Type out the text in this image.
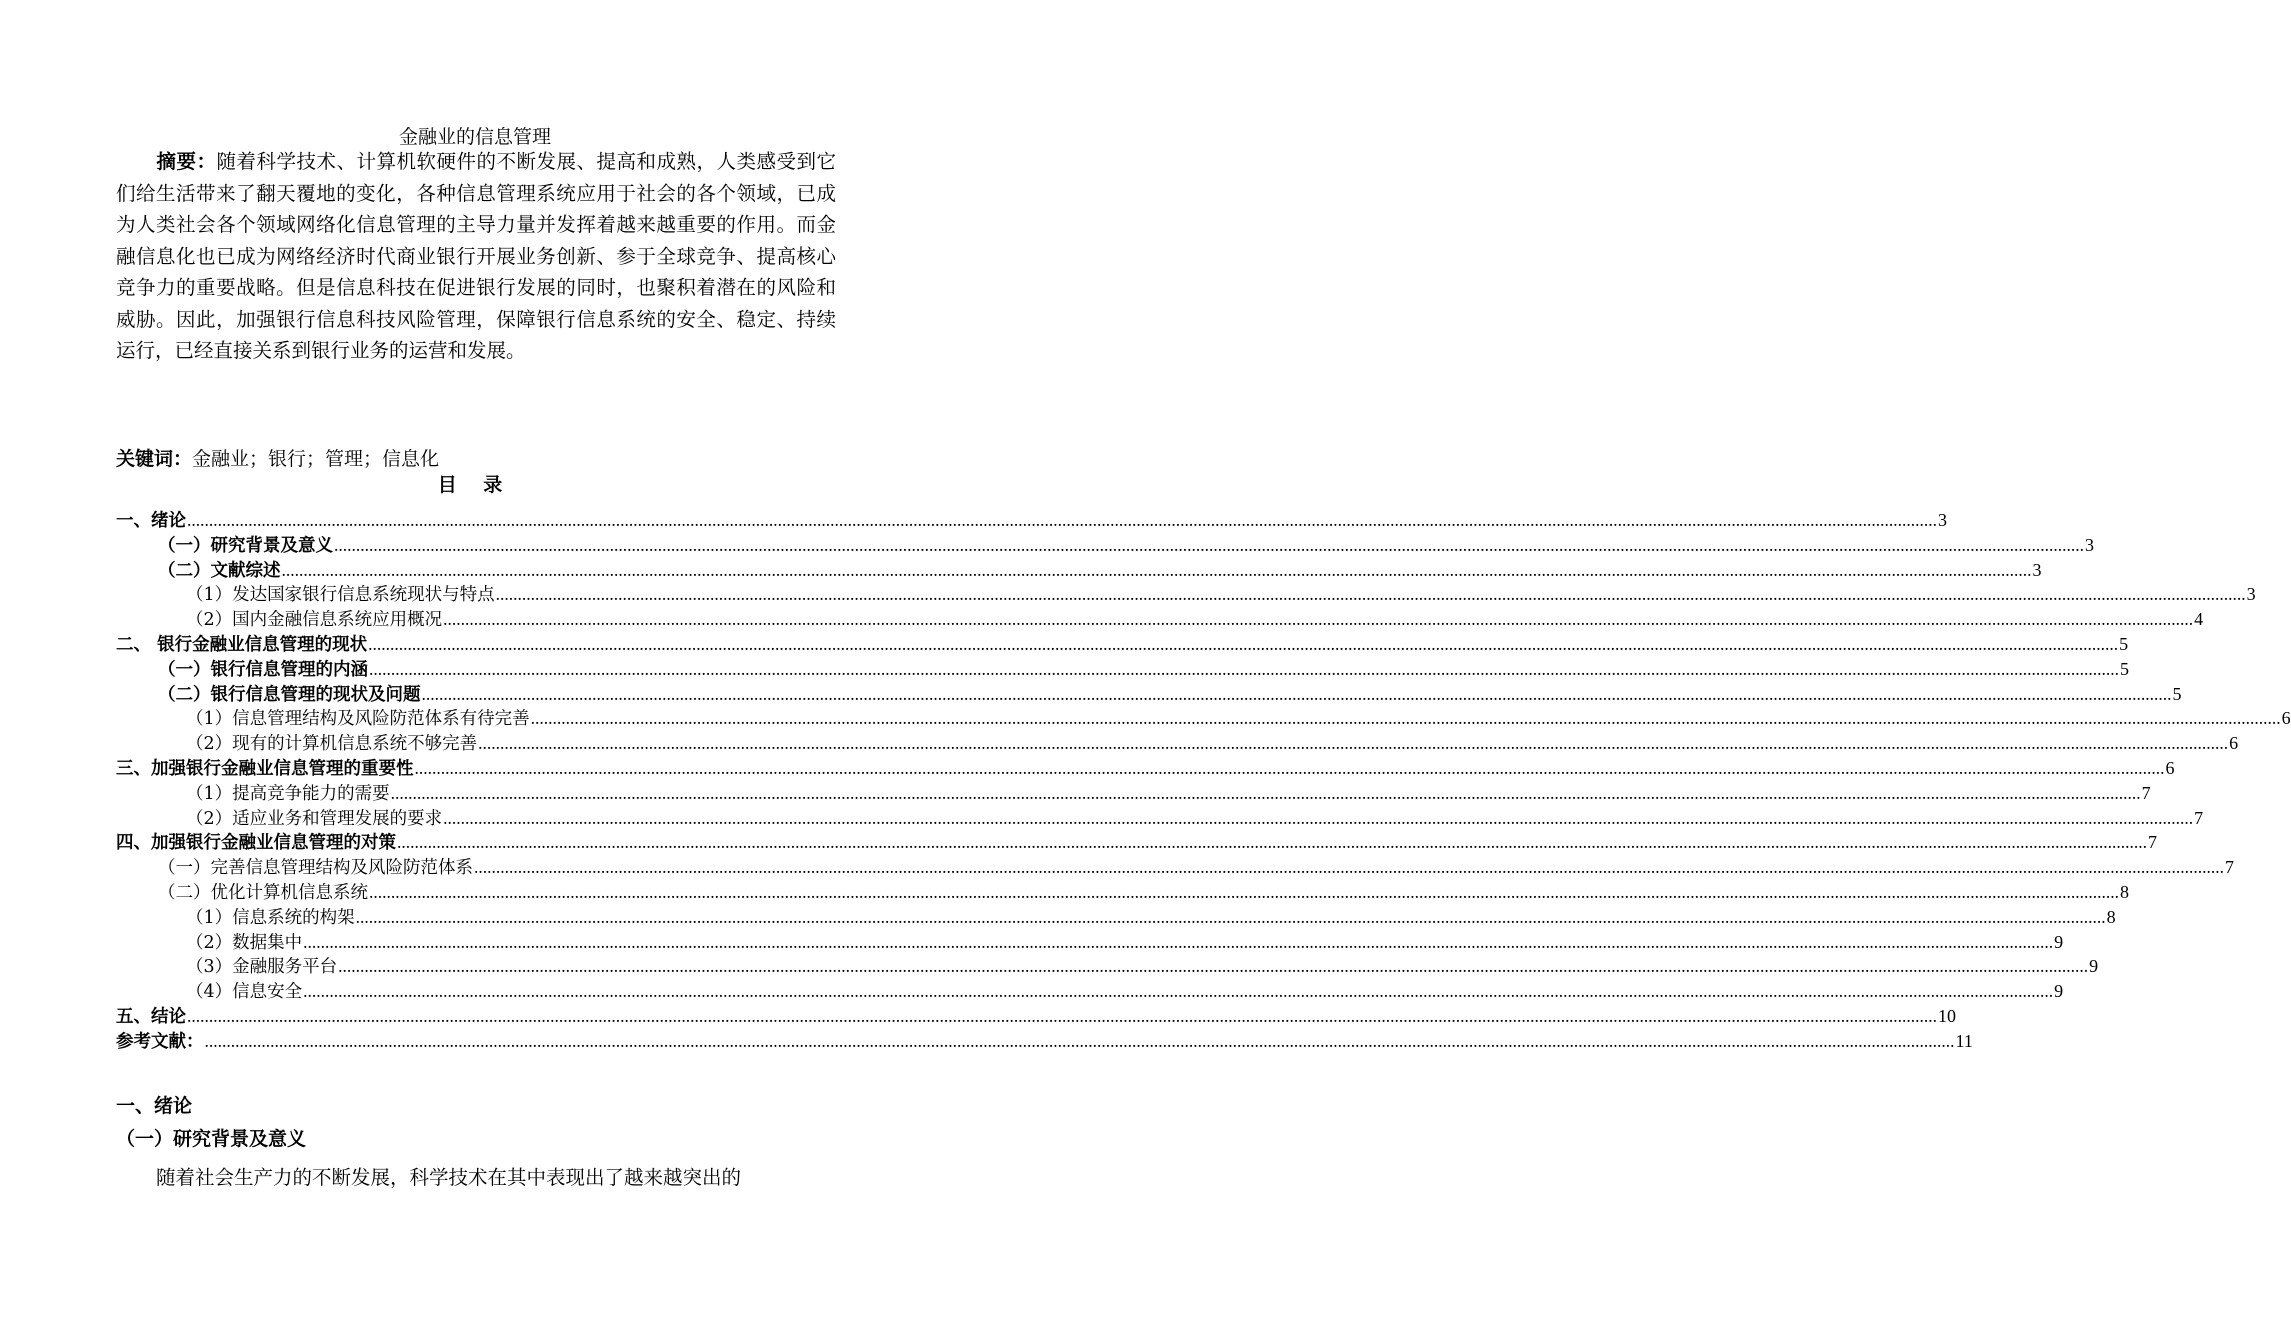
金融业的信息管理
摘要：随着科学技术、计算机软硬件的不断发展、提高和成熟，人类感受到它们给生活带来了翻天覆地的变化，各种信息管理系统应用于社会的各个领域，已成为人类社会各个领域网络化信息管理的主导力量并发挥着越来越重要的作用。而金融信息化也已成为网络经济时代商业银行开展业务创新、参于全球竞争、提高核心竞争力的重要战略。但是信息科技在促进银行发展的同时，也聚积着潜在的风险和威胁。因此，加强银行信息科技风险管理，保障银行信息系统的安全、稳定、持续运行，已经直接关系到银行业务的运营和发展。
关键词：金融业；银行；管理；信息化
目 录
一、绪论 ................................................................................................................................................................................................................................................................................................................................................................................................................ 3
（一）研究背景及意义 ................................................................................................................................................................................................................................................................................................................................................................................................................ 3
（二）文献综述 ................................................................................................................................................................................................................................................................................................................................................................................................................ 3
（1）发达国家银行信息系统现状与特点 ................................................................................................................................................................................................................................................................................................................................................................................................................ 3
（2）国内金融信息系统应用概况 ................................................................................................................................................................................................................................................................................................................................................................................................................ 4
二、 银行金融业信息管理的现状 ................................................................................................................................................................................................................................................................................................................................................................................................................ 5
（一）银行信息管理的内涵 ................................................................................................................................................................................................................................................................................................................................................................................................................ 5
（二）银行信息管理的现状及问题 ................................................................................................................................................................................................................................................................................................................................................................................................................ 5
（1）信息管理结构及风险防范体系有待完善 ................................................................................................................................................................................................................................................................................................................................................................................................................ 6
（2）现有的计算机信息系统不够完善 ................................................................................................................................................................................................................................................................................................................................................................................................................ 6
三、加强银行金融业信息管理的重要性 ................................................................................................................................................................................................................................................................................................................................................................................................................ 6
（1）提高竞争能力的需要 ................................................................................................................................................................................................................................................................................................................................................................................................................ 7
（2）适应业务和管理发展的要求 ................................................................................................................................................................................................................................................................................................................................................................................................................ 7
四、加强银行金融业信息管理的对策 ................................................................................................................................................................................................................................................................................................................................................................................................................ 7
（一）完善信息管理结构及风险防范体系 ................................................................................................................................................................................................................................................................................................................................................................................................................ 7
（二）优化计算机信息系统 ................................................................................................................................................................................................................................................................................................................................................................................................................ 8
（1）信息系统的构架 ................................................................................................................................................................................................................................................................................................................................................................................................................ 8
（2）数据集中 ................................................................................................................................................................................................................................................................................................................................................................................................................ 9
（3）金融服务平台 ................................................................................................................................................................................................................................................................................................................................................................................................................ 9
（4）信息安全 ................................................................................................................................................................................................................................................................................................................................................................................................................ 9
五、结论 ................................................................................................................................................................................................................................................................................................................................................................................................................ 10
参考文献： ................................................................................................................................................................................................................................................................................................................................................................................................................ 11
一、绪论
（一）研究背景及意义
随着社会生产力的不断发展，科学技术在其中表现出了越来越突出的
